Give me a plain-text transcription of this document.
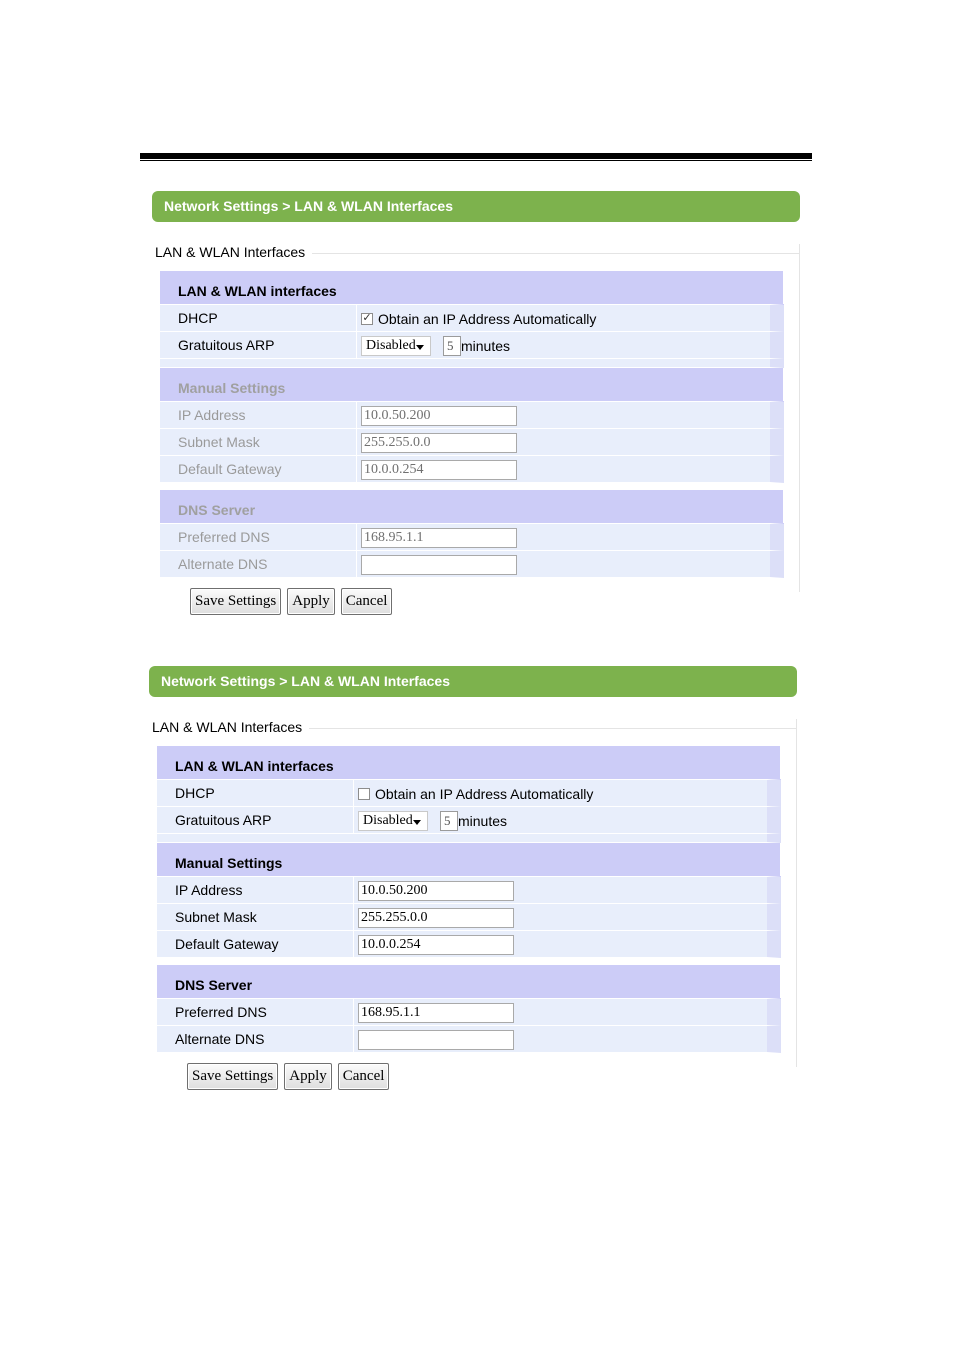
Network Settings > LAN & WLAN Interfaces
LAN & WLAN Interfaces
LAN & WLAN interfaces
DHCP	✓ Obtain an IP Address Automatically
Gratuitous ARP	Disabled	5 minutes
Manual Settings
IP Address	10.0.50.200
Subnet Mask	255.255.0.0
Default Gateway	10.0.0.254
DNS Server
Preferred DNS	168.95.1.1
Alternate DNS
Save Settings	Apply	Cancel
Network Settings > LAN & WLAN Interfaces
LAN & WLAN Interfaces
LAN & WLAN interfaces
DHCP	Obtain an IP Address Automatically
Gratuitous ARP	Disabled	5 minutes
Manual Settings
IP Address	10.0.50.200
Subnet Mask	255.255.0.0
Default Gateway	10.0.0.254
DNS Server
Preferred DNS	168.95.1.1
Alternate DNS
Save Settings	Apply	Cancel
